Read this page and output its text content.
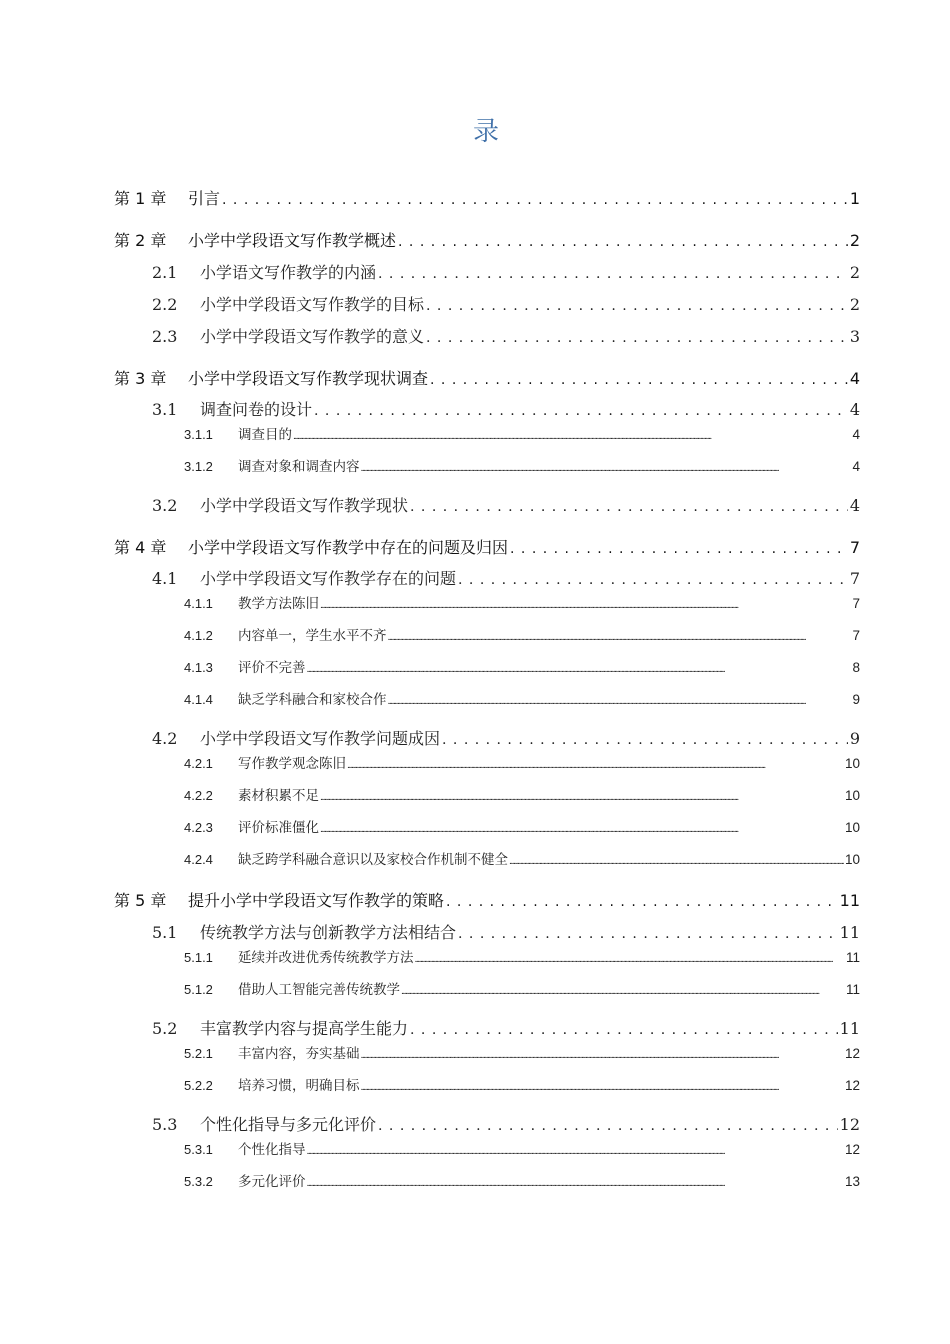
录
第 1 章	引言 . . .	1
第 2 章	小学中学段语文写作教学概述 . . .	2
2.1	小学语文写作教学的内涵 . . .	2
2.2	小学中学段语文写作教学的目标 . . .	2
2.3	小学中学段语文写作教学的意义 . . .	3
第 3 章	小学中学段语文写作教学现状调查 . . .	4
3.1	调查问卷的设计 . . .	4
3.1.1	调查目的 .....	4
3.1.2	调查对象和调查内容 .....	4
3.2	小学中学段语文写作教学现状 . . .	4
第 4 章	小学中学段语文写作教学中存在的问题及归因 . . .	7
4.1	小学中学段语文写作教学存在的问题 . . .	7
4.1.1	教学方法陈旧 .....	7
4.1.2	内容单一，学生水平不齐 .....	7
4.1.3	评价不完善 .....	8
4.1.4	缺乏学科融合和家校合作 .....	9
4.2	小学中学段语文写作教学问题成因 . . .	9
4.2.1	写作教学观念陈旧 .....	10
4.2.2	素材积累不足 .....	10
4.2.3	评价标准僵化 .....	10
4.2.4	缺乏跨学科融合意识以及家校合作机制不健全 .....	10
第 5 章	提升小学中学段语文写作教学的策略 . . .	11
5.1	传统教学方法与创新教学方法相结合 . . .	11
5.1.1	延续并改进优秀传统教学方法 .....	11
5.1.2	借助人工智能完善传统教学 .....	11
5.2	丰富教学内容与提高学生能力 . . .	11
5.2.1	丰富内容，夯实基础 .....	12
5.2.2	培养习惯，明确目标 .....	12
5.3	个性化指导与多元化评价 . . .	12
5.3.1	个性化指导 .....	12
5.3.2	多元化评价 .....	13
